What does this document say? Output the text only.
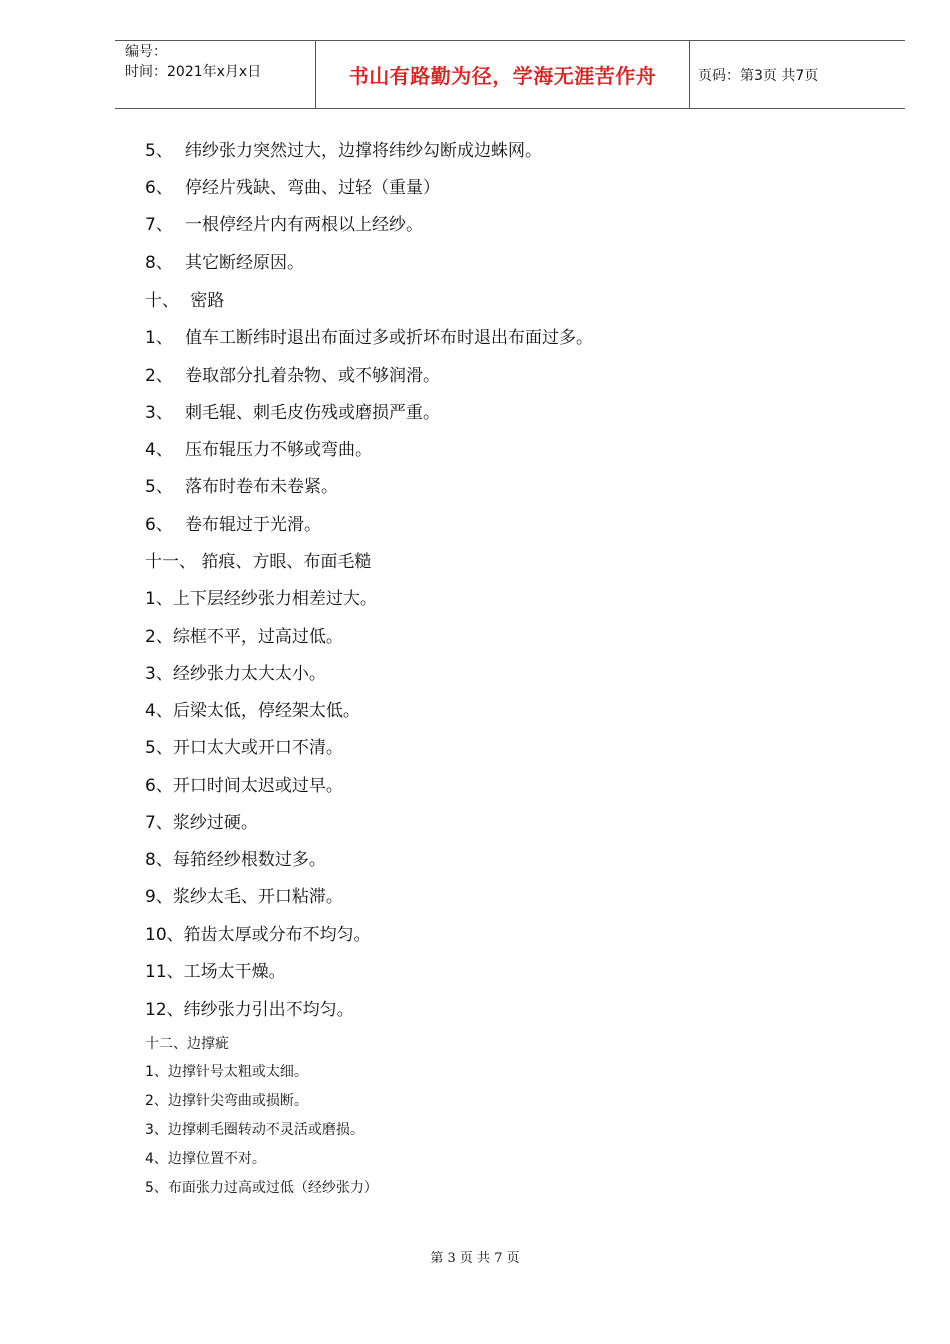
编号：
时间：2021年x月x日	书山有路勤为径，学海无涯苦作舟	页码：第3页 共7页
5、 纬纱张力突然过大，边撑将纬纱勾断成边蛛网。
6、 停经片残缺、弯曲、过轻（重量）
7、 一根停经片内有两根以上经纱。
8、 其它断经原因。
十、 密路
1、 值车工断纬时退出布面过多或折坏布时退出布面过多。
2、 卷取部分扎着杂物、或不够润滑。
3、 刺毛辊、刺毛皮伤残或磨损严重。
4、 压布辊压力不够或弯曲。
5、 落布时卷布未卷紧。
6、 卷布辊过于光滑。
十一、 筘痕、方眼、布面毛糙
1、上下层经纱张力相差过大。
2、综框不平，过高过低。
3、经纱张力太大太小。
4、后梁太低，停经架太低。
5、开口太大或开口不清。
6、开口时间太迟或过早。
7、浆纱过硬。
8、每筘经纱根数过多。
9、浆纱太毛、开口粘滞。
10、筘齿太厚或分布不均匀。
11、工场太干燥。
12、纬纱张力引出不均匀。
十二、边撑疵
1、边撑针号太粗或太细。
2、边撑针尖弯曲或损断。
3、边撑刺毛圈转动不灵活或磨损。
4、边撑位置不对。
5、布面张力过高或过低（经纱张力）
第 3 页 共 7 页
